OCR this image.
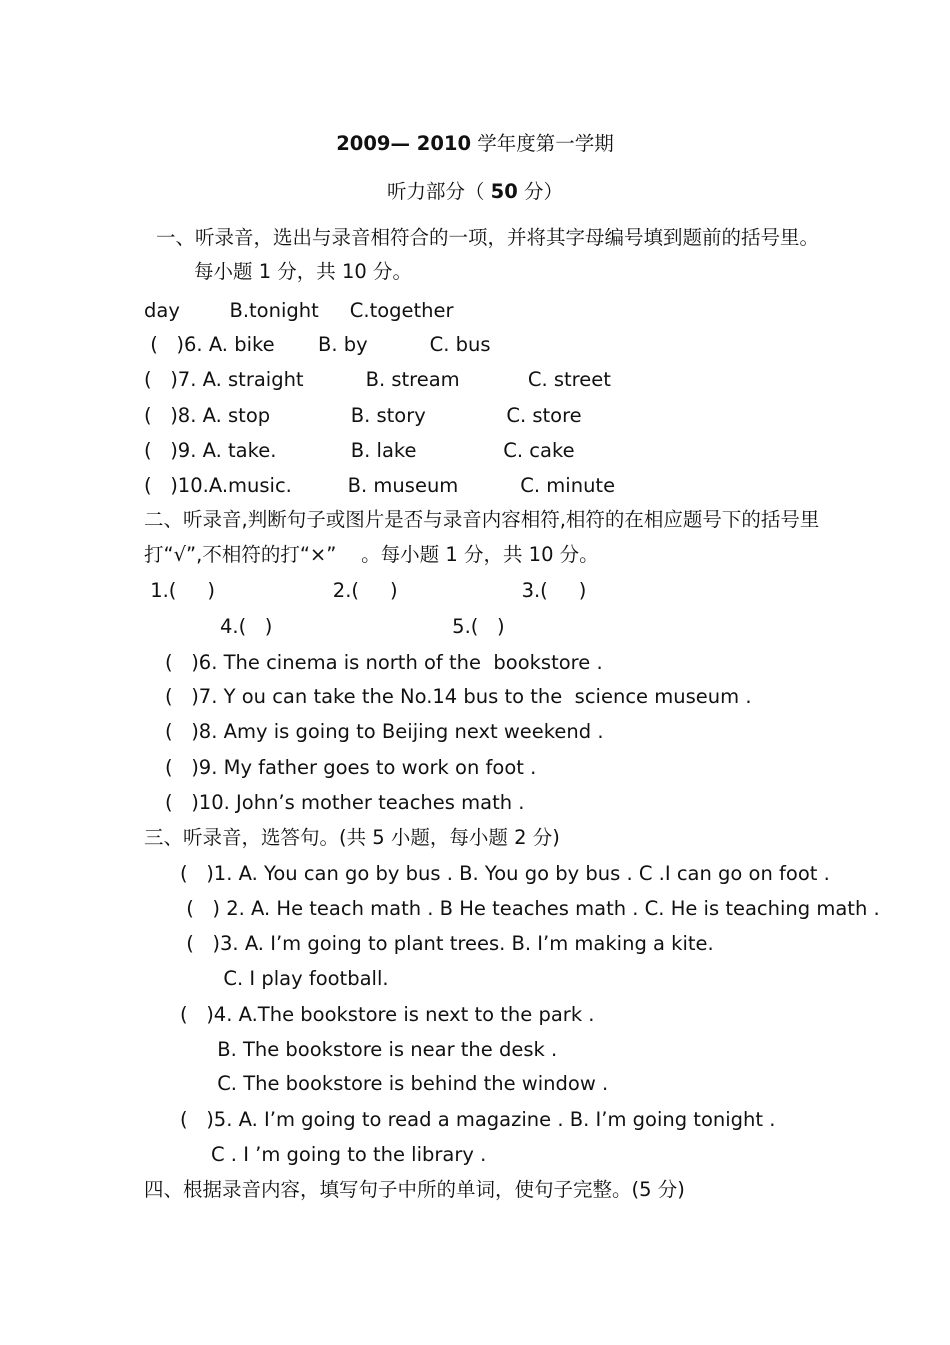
2009— 2010 学年度第一学期
听力部分（ 50 分）
一、听录音，选出与录音相符合的一项，并将其字母编号填到题前的括号里。
每小题 1 分，共 10 分。
day        B.tonight     C.together
(   )6. A. bike       B. by          C. bus
(   )7. A. straight          B. stream           C. street
(   )8. A. stop             B. story             C. store
(   )9. A. take.            B. lake              C. cake
(   )10.A.music.         B. museum          C. minute
二、听录音,判断句子或图片是否与录音内容相符,相符的在相应题号下的括号里
打“√”,不相符的打“×”    。每小题 1 分，共 10 分。
1.(     )                   2.(     )                    3.(     )
4.(   )                             5.(   )
(   )6. The cinema is north of the  bookstore .
(   )7. Y ou can take the No.14 bus to the  science museum .
(   )8. Amy is going to Beijing next weekend .
(   )9. My father goes to work on foot .
(   )10. John’s mother teaches math .
三、听录音，选答句。(共 5 小题，每小题 2 分)
(   )1. A. You can go by bus . B. You go by bus . C .I can go on foot .
(   ) 2. A. He teach math . B He teaches math . C. He is teaching math .
(   )3. A. I’m going to plant trees. B. I’m making a kite.
C. I play football.
(   )4. A.The bookstore is next to the park .
B. The bookstore is near the desk .
C. The bookstore is behind the window .
(   )5. A. I’m going to read a magazine . B. I’m going tonight .
C . I ’m going to the library .
四、根据录音内容，填写句子中所的单词，使句子完整。(5 分)
